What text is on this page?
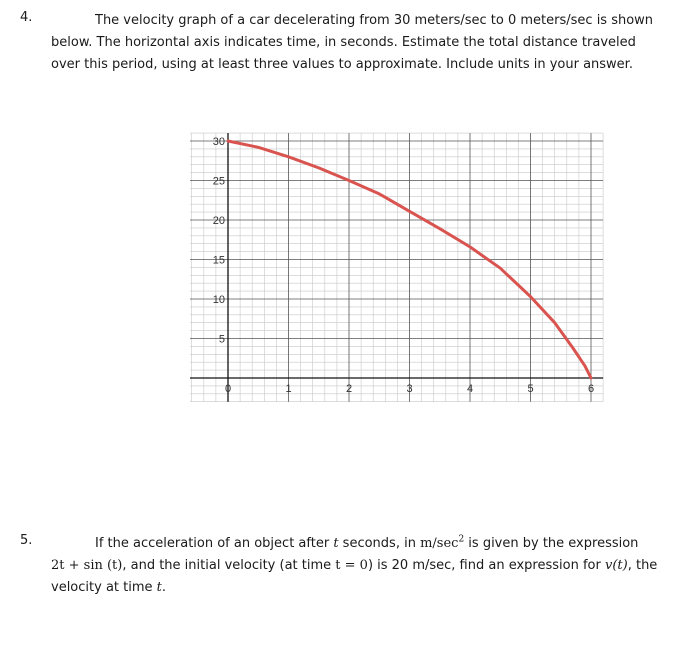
4.	The velocity graph of a car decelerating from 30 meters/sec to 0 meters/sec is shown
below. The horizontal axis indicates time, in seconds. Estimate the total distance traveled
over this period, using at least three values to approximate. Include units in your answer.
0	1	2	3	4	5	6
5
10
15
20
25
30
5.	If the acceleration of an object after t seconds, in $m/\sec^2$ is given by the expression
2t + sin (t), and the initial velocity (at time t = 0) is 20 m/sec, find an expression for v(t), the
velocity at time t.
